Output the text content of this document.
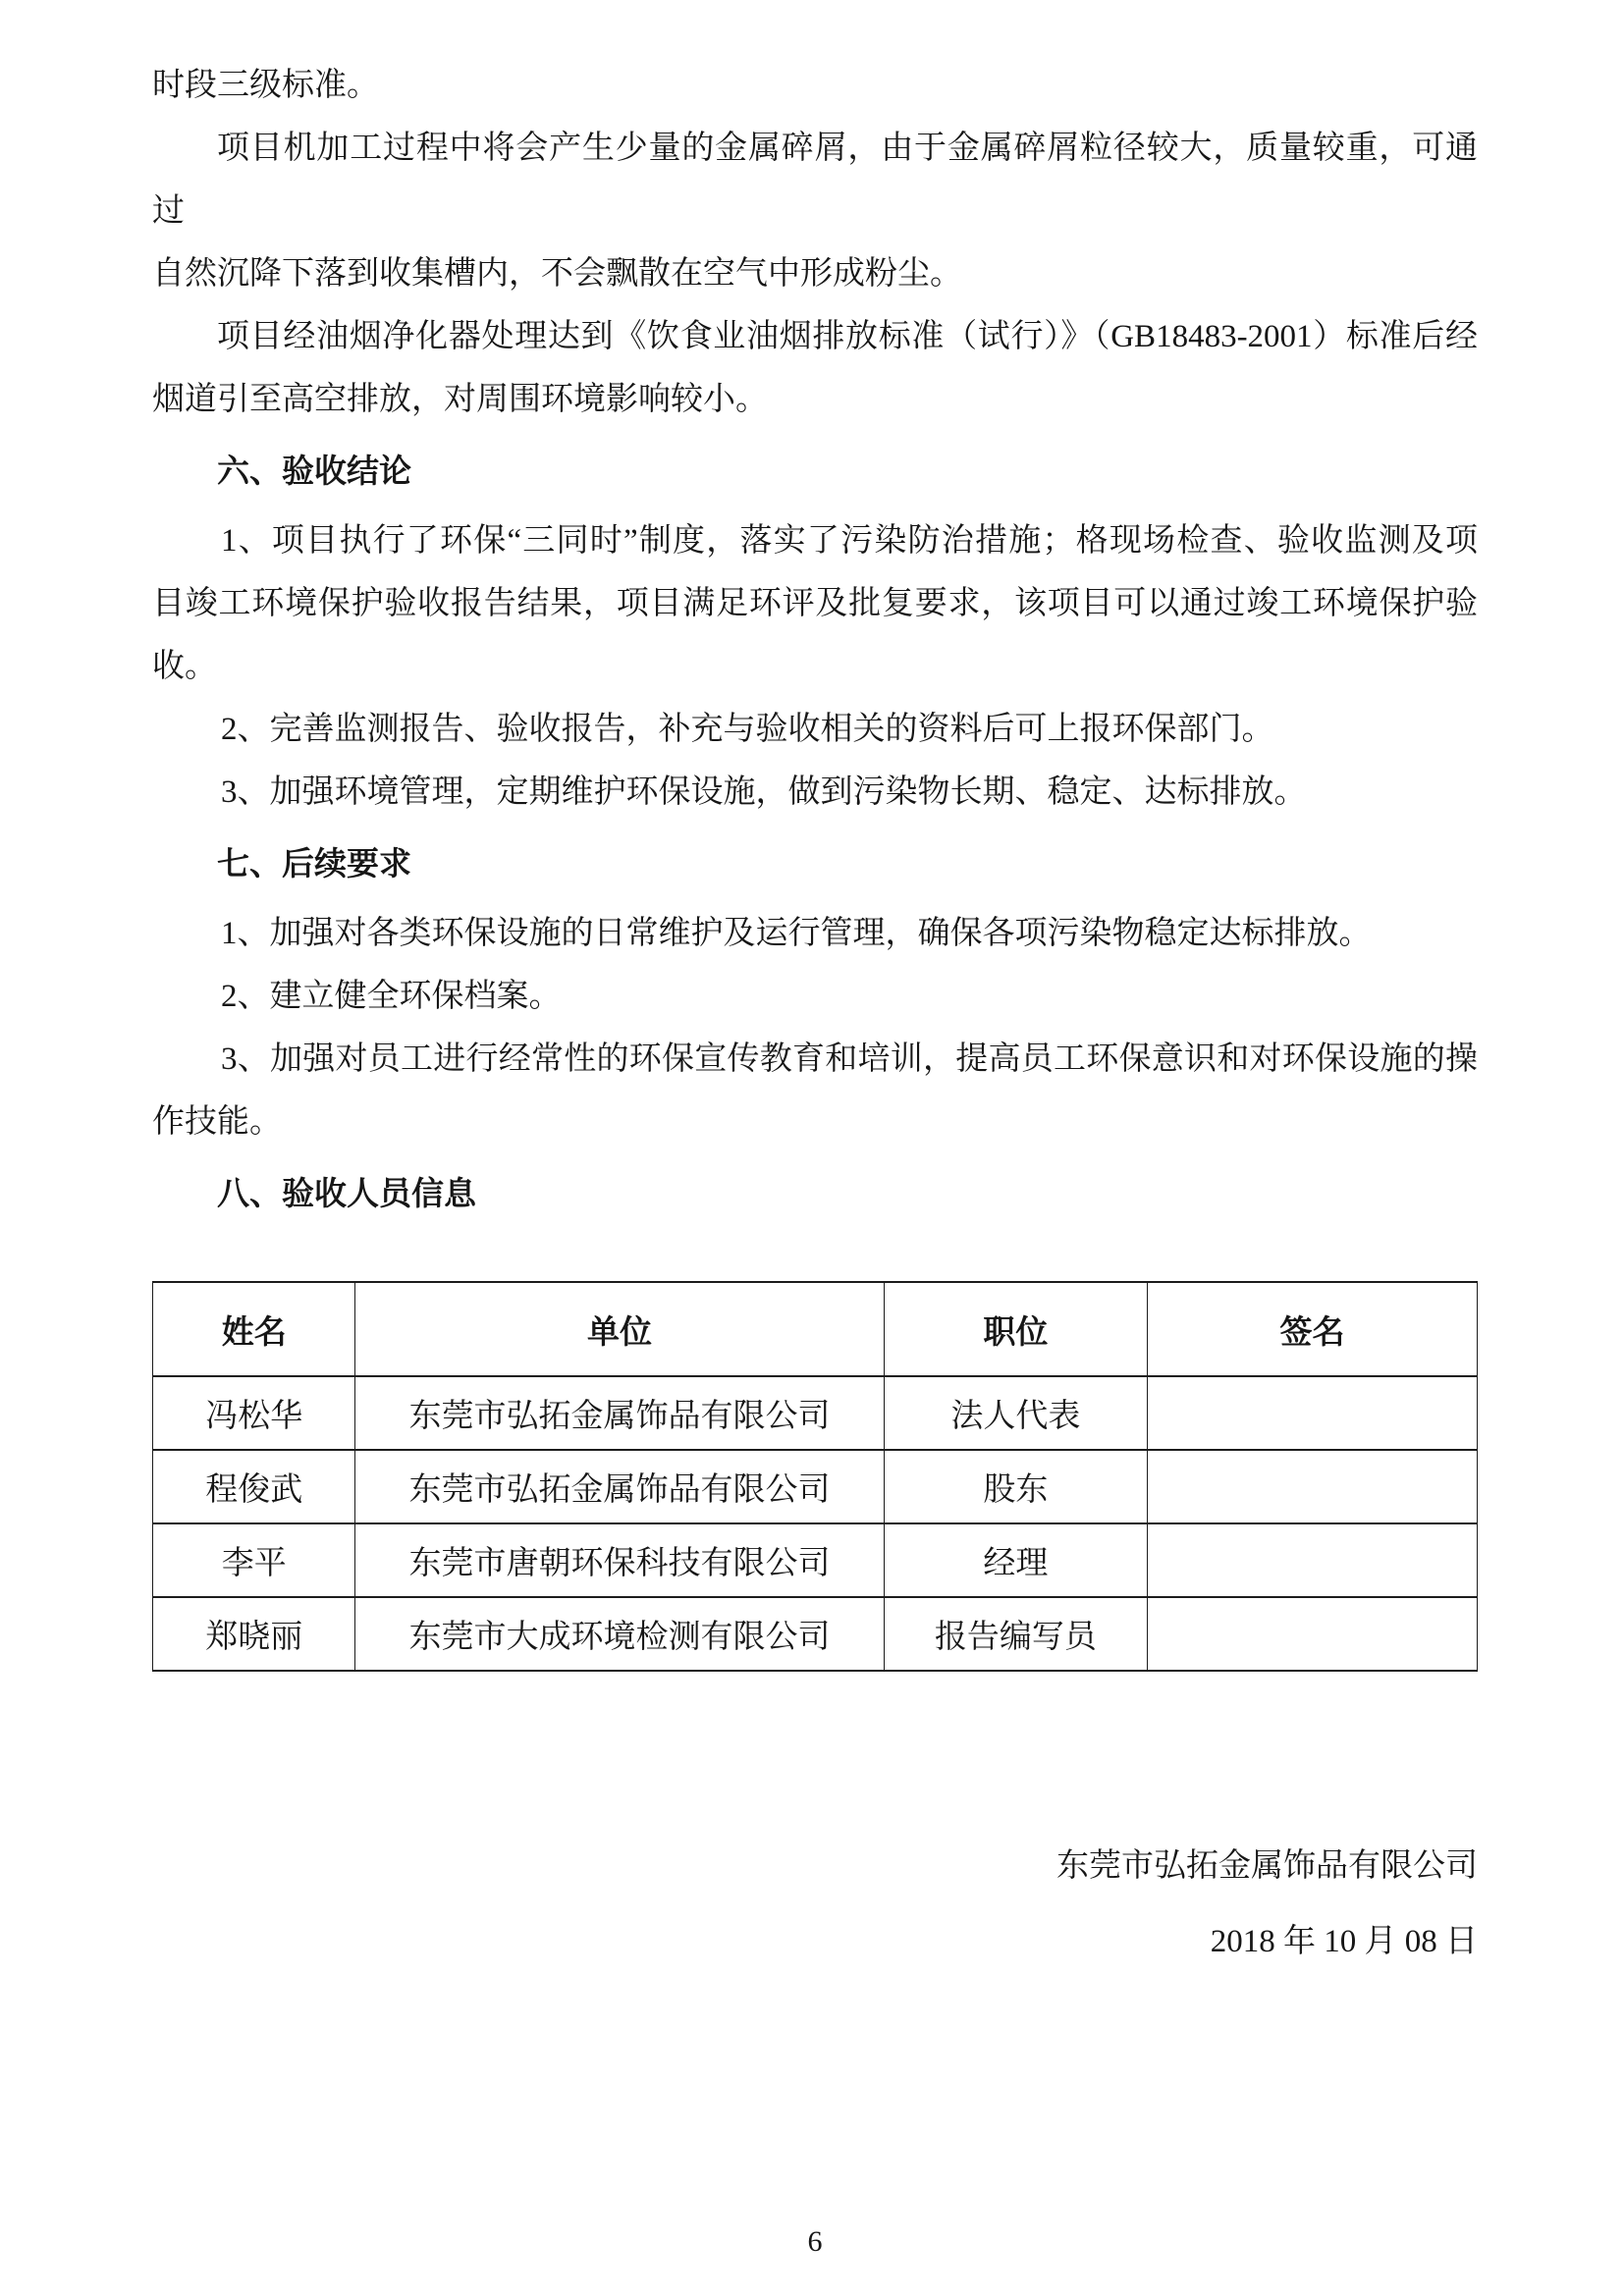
时段三级标准。
项目机加工过程中将会产生少量的金属碎屑，由于金属碎屑粒径较大，质量较重，可通过
自然沉降下落到收集槽内，不会飘散在空气中形成粉尘。
项目经油烟净化器处理达到《饮食业油烟排放标准（试行）》（GB18483-2001）标准后经
烟道引至高空排放，对周围环境影响较小。
六、验收结论
1、项目执行了环保“三同时”制度，落实了污染防治措施；格现场检查、验收监测及项
目竣工环境保护验收报告结果，项目满足环评及批复要求，该项目可以通过竣工环境保护验
收。
2、完善监测报告、验收报告，补充与验收相关的资料后可上报环保部门。
3、加强环境管理，定期维护环保设施，做到污染物长期、稳定、达标排放。
七、后续要求
1、加强对各类环保设施的日常维护及运行管理，确保各项污染物稳定达标排放。
2、建立健全环保档案。
3、加强对员工进行经常性的环保宣传教育和培训，提高员工环保意识和对环保设施的操
作技能。
八、验收人员信息
姓名	单位	职位	签名
冯松华	东莞市弘拓金属饰品有限公司	法人代表	
程俊武	东莞市弘拓金属饰品有限公司	股东	
李平	东莞市唐朝环保科技有限公司	经理	
郑晓丽	东莞市大成环境检测有限公司	报告编写员	
东莞市弘拓金属饰品有限公司
2018 年 10 月 08 日
6
